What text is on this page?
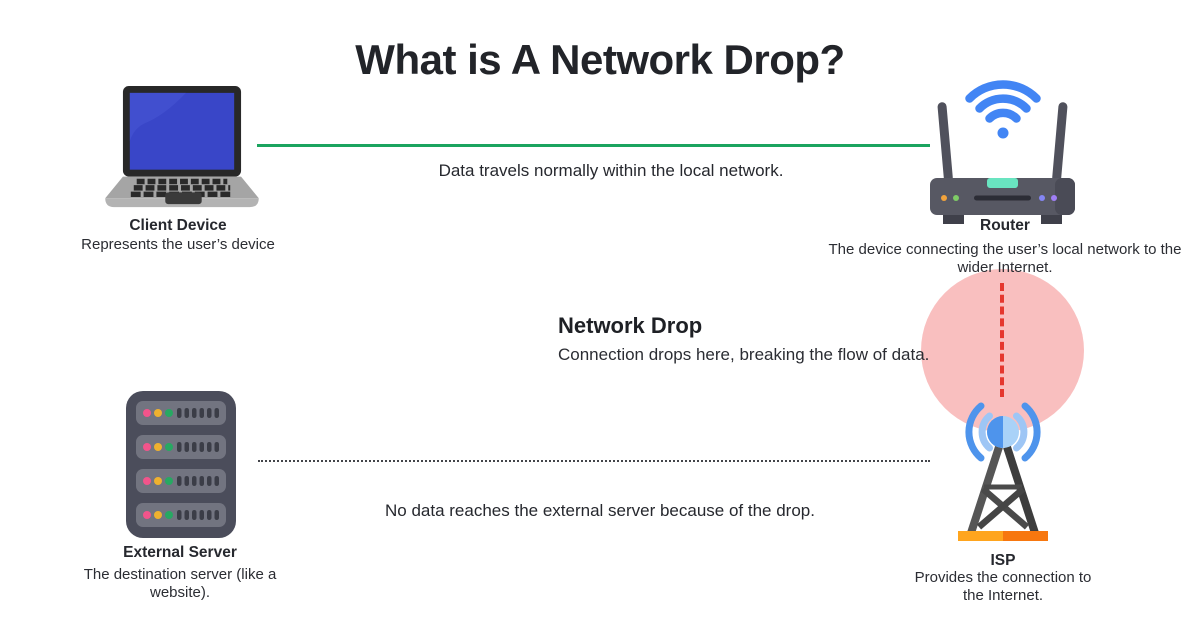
What is A Network Drop?
Data travels normally within the local network.
No data reaches the external server because of the drop.
Client Device
Represents the user’s device
Router
The device connecting the user’s local network to the wider Internet.
Network Drop
Connection drops here, breaking the flow of data.
External Server
The destination server (like a website).
ISP
Provides the connection to the Internet.
